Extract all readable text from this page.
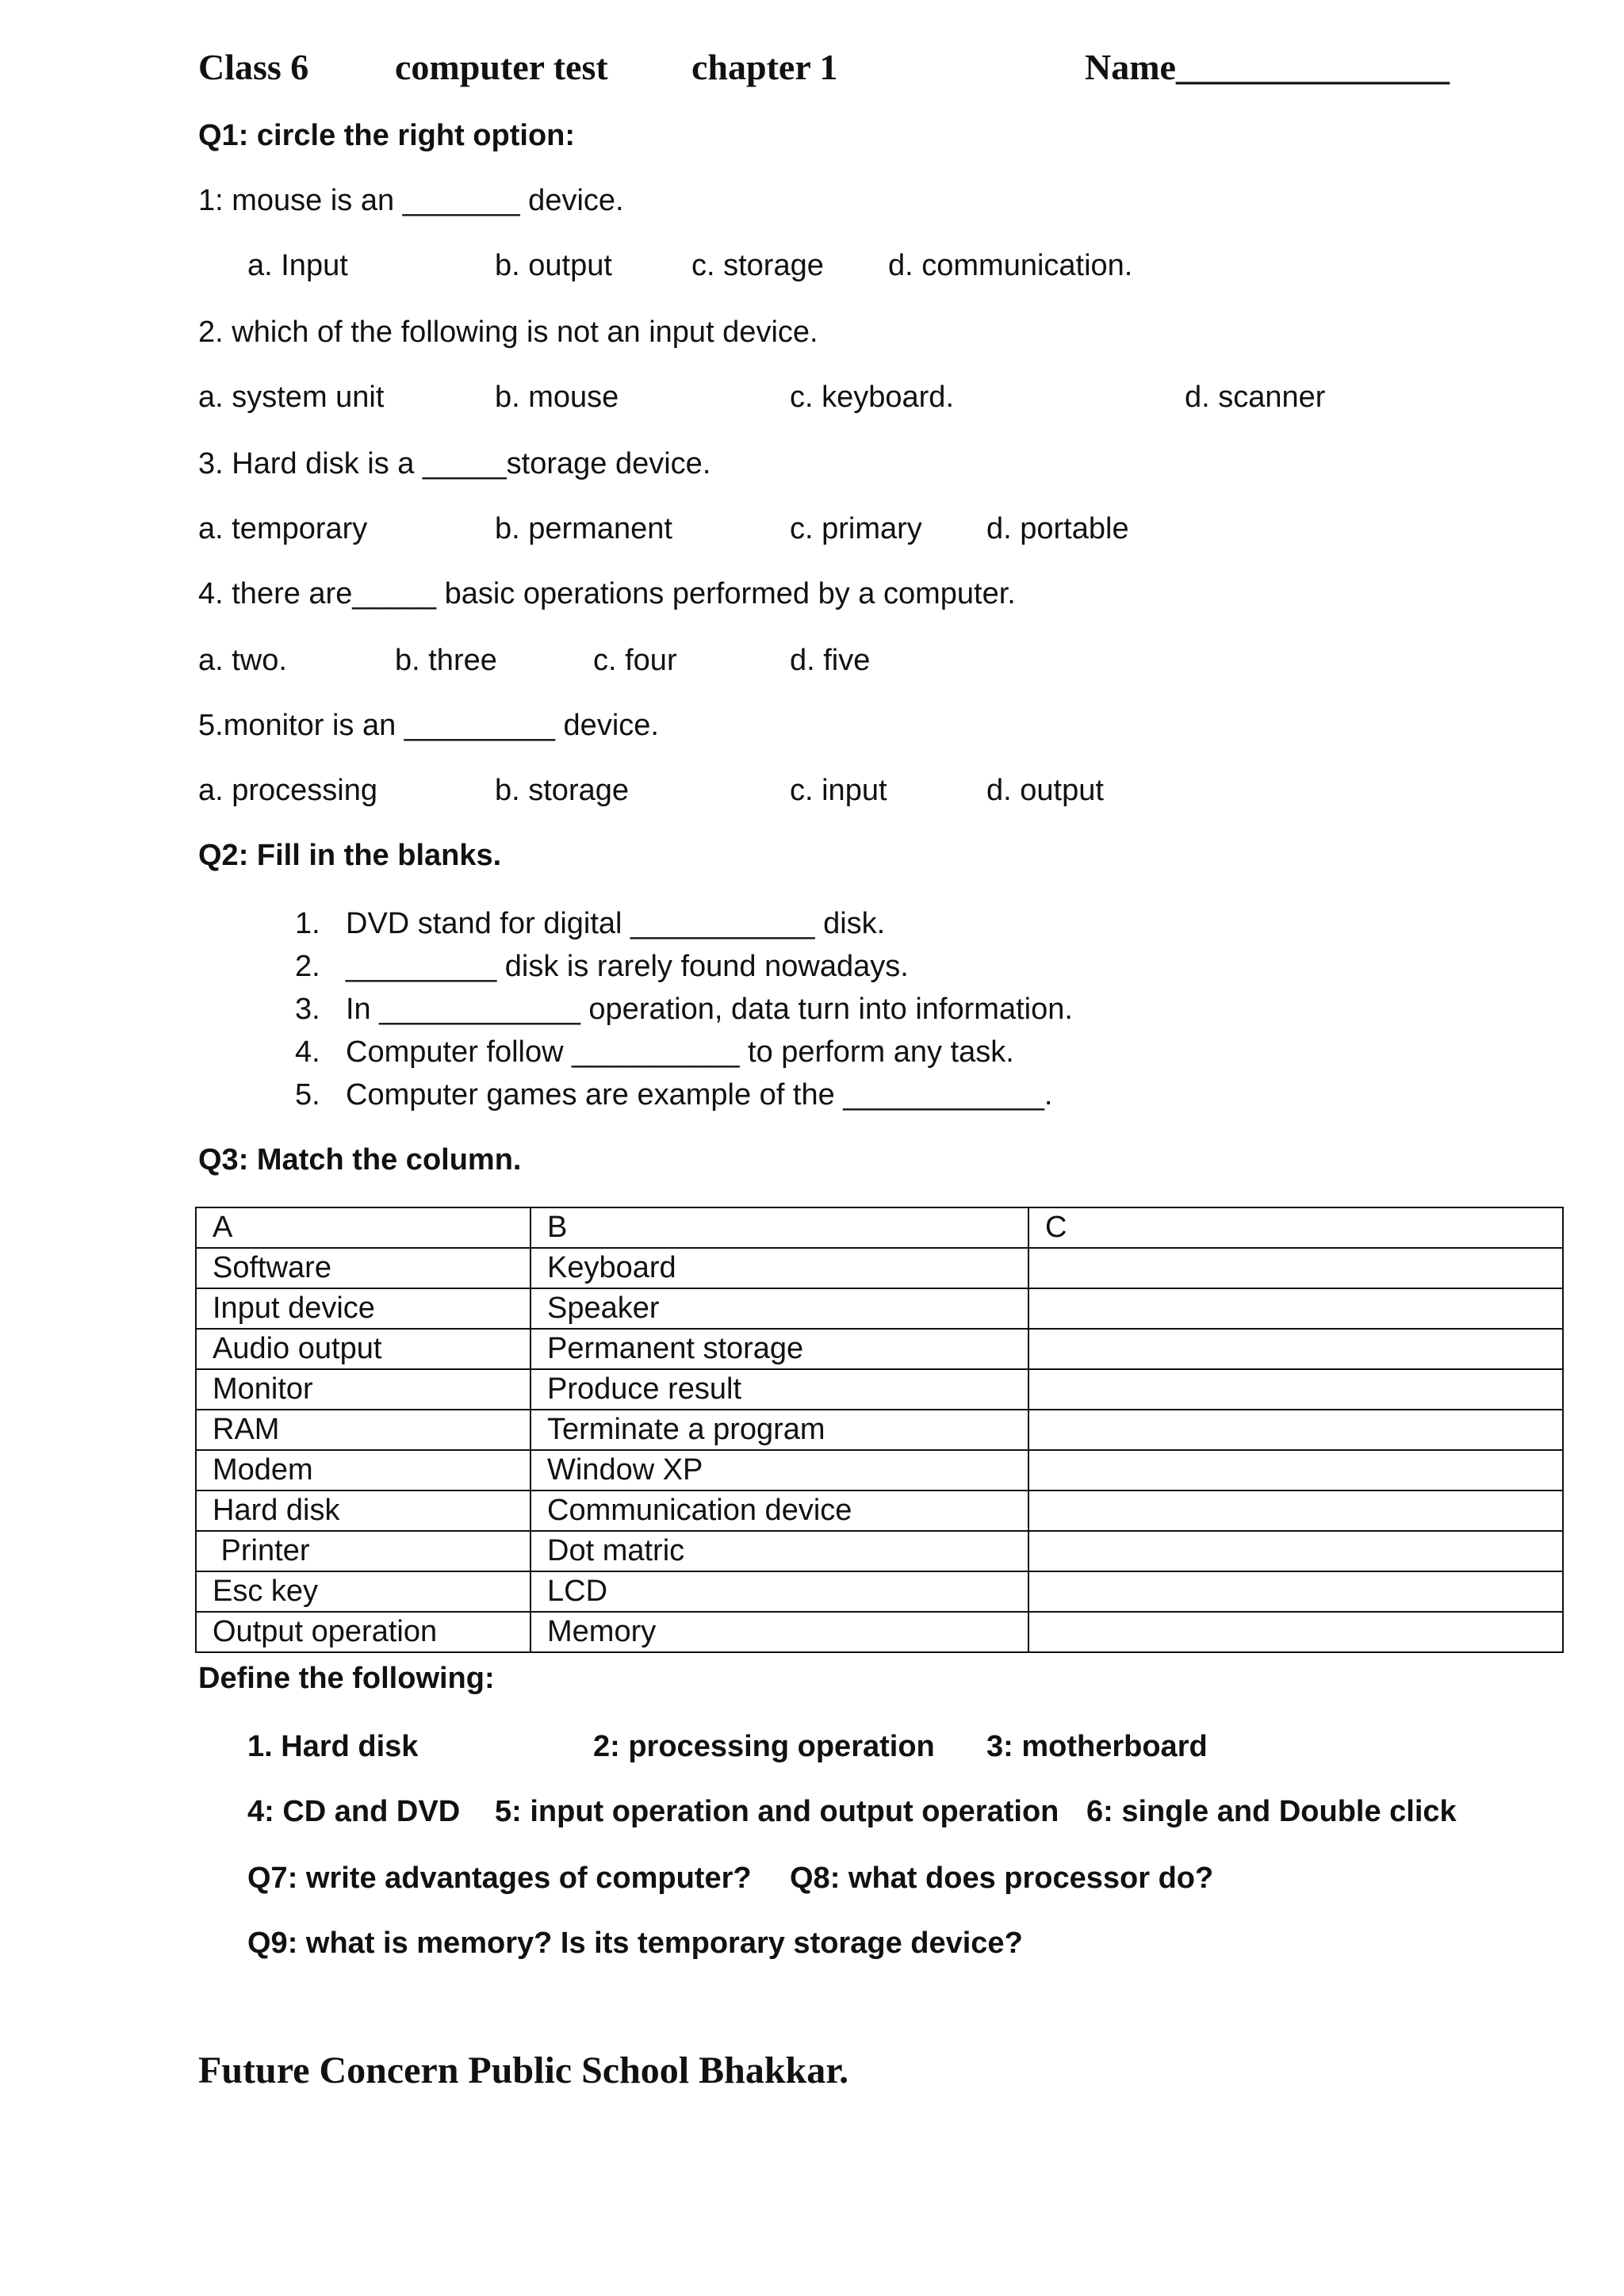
Class 6 computer test chapter 1	Name_______________
Q1: circle the right option:
1: mouse is an _______ device.
a. Input	b. output	c. storage d. communication.
2. which of the following is not an input device.
a. system unit	b. mouse	c. keyboard.	d. scanner
3. Hard disk is a _____storage device.
a. temporary	b. permanent	c. primary d. portable
4. there are_____ basic operations performed by a computer.
a. two.	b. three	c. four	d. five
5.monitor is an _________ device.
a. processing	b. storage	c. input	d. output
Q2: Fill in the blanks.
1. DVD stand for digital ___________ disk.
2. _________ disk is rarely found nowadays.
3. In ____________ operation, data turn into information.
4. Computer follow __________ to perform any task.
5. Computer games are example of the ____________.
Q3: Match the column.
A	B	C
Software	Keyboard	
Input device	Speaker	
Audio output	Permanent storage	
Monitor	Produce result	
RAM	Terminate a program	
Modem	Window XP	
Hard disk	Communication device	
Printer	Dot matric	
Esc key	LCD	
Output operation	Memory	
Define the following:
1. Hard disk	2: processing operation 3: motherboard
4: CD and DVD 5: input operation and output operation 6: single and Double click
Q7: write advantages of computer? Q8: what does processor do?
Q9: what is memory? Is its temporary storage device?
Future Concern Public School Bhakkar.
